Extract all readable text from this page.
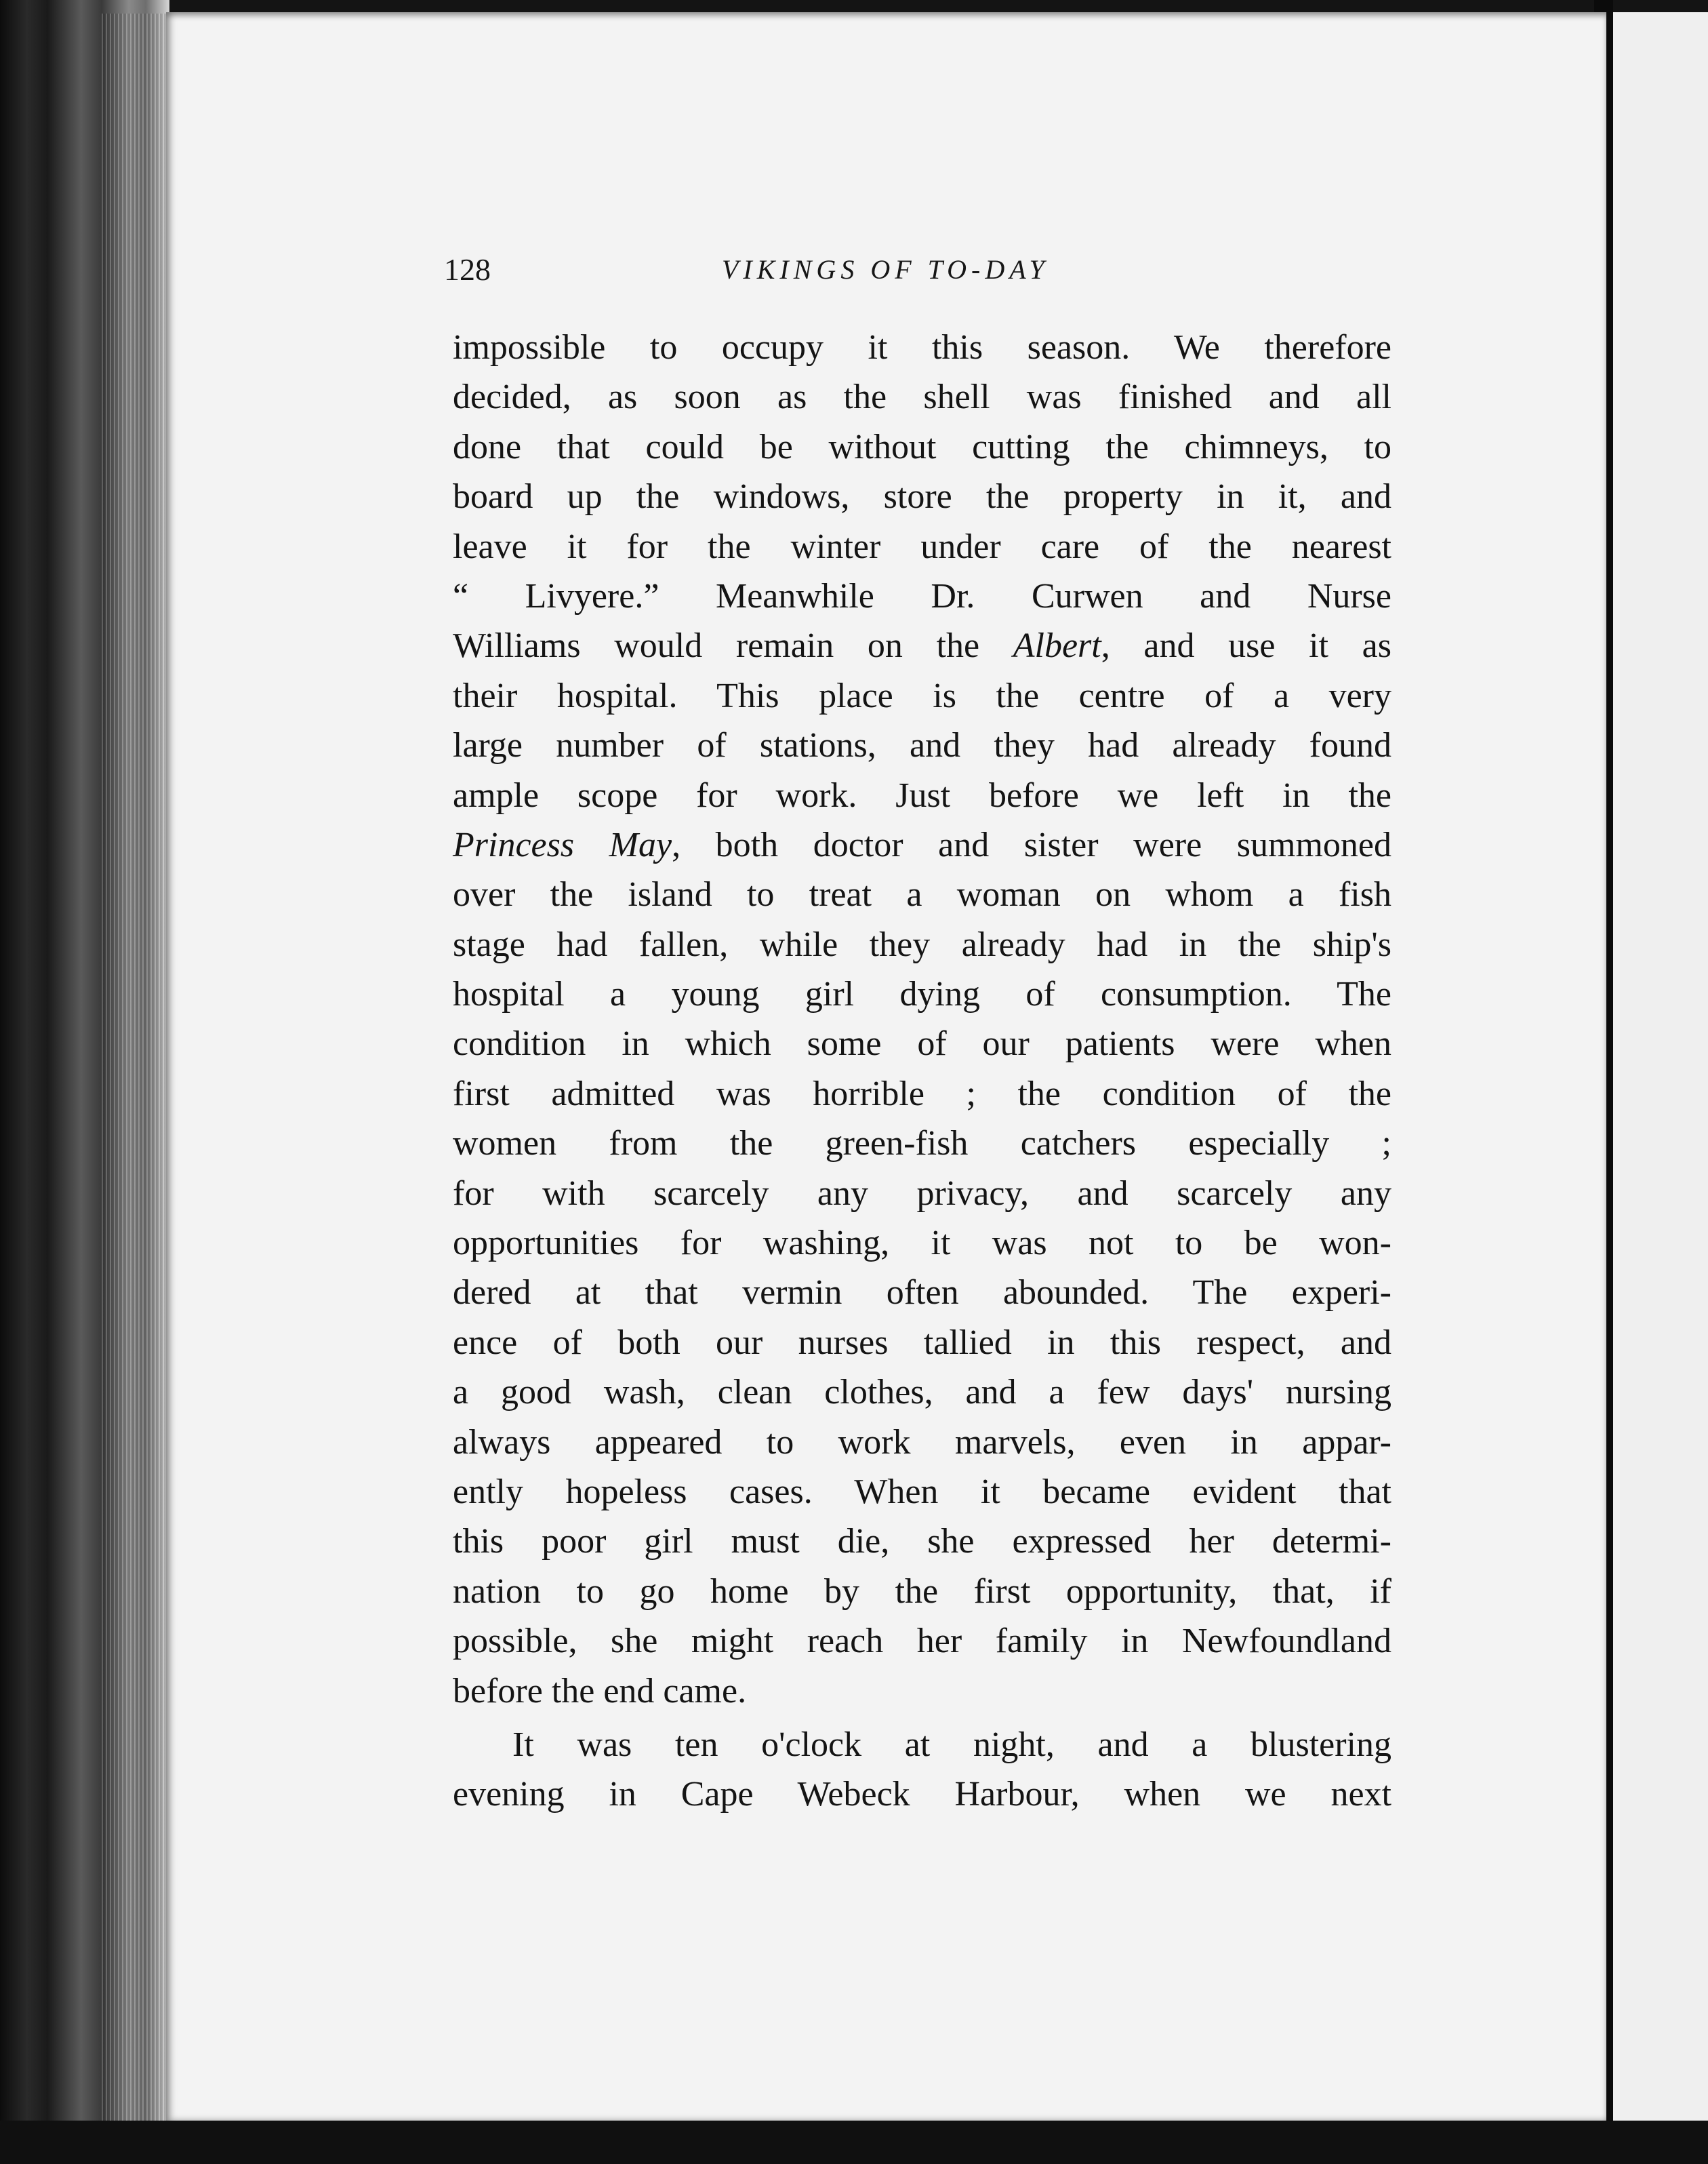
128	VIKINGS OF TO-DAY
impossible to occupy it this season. We therefore
decided, as soon as the shell was finished and all
done that could be without cutting the chimneys, to
board up the windows, store the property in it, and
leave it for the winter under care of the nearest
“ Livyere.” Meanwhile Dr. Curwen and Nurse
Williams would remain on the Albert, and use it as
their hospital. This place is the centre of a very
large number of stations, and they had already found
ample scope for work. Just before we left in the
Princess May, both doctor and sister were summoned
over the island to treat a woman on whom a fish
stage had fallen, while they already had in the ship's
hospital a young girl dying of consumption. The
condition in which some of our patients were when
first admitted was horrible ; the condition of the
women from the green-fish catchers especially ;
for with scarcely any privacy, and scarcely any
opportunities for washing, it was not to be won-
dered at that vermin often abounded. The experi-
ence of both our nurses tallied in this respect, and
a good wash, clean clothes, and a few days' nursing
always appeared to work marvels, even in appar-
ently hopeless cases. When it became evident that
this poor girl must die, she expressed her determi-
nation to go home by the first opportunity, that, if
possible, she might reach her family in Newfoundland
before the end came.
It was ten o'clock at night, and a blustering
evening in Cape Webeck Harbour, when we next
